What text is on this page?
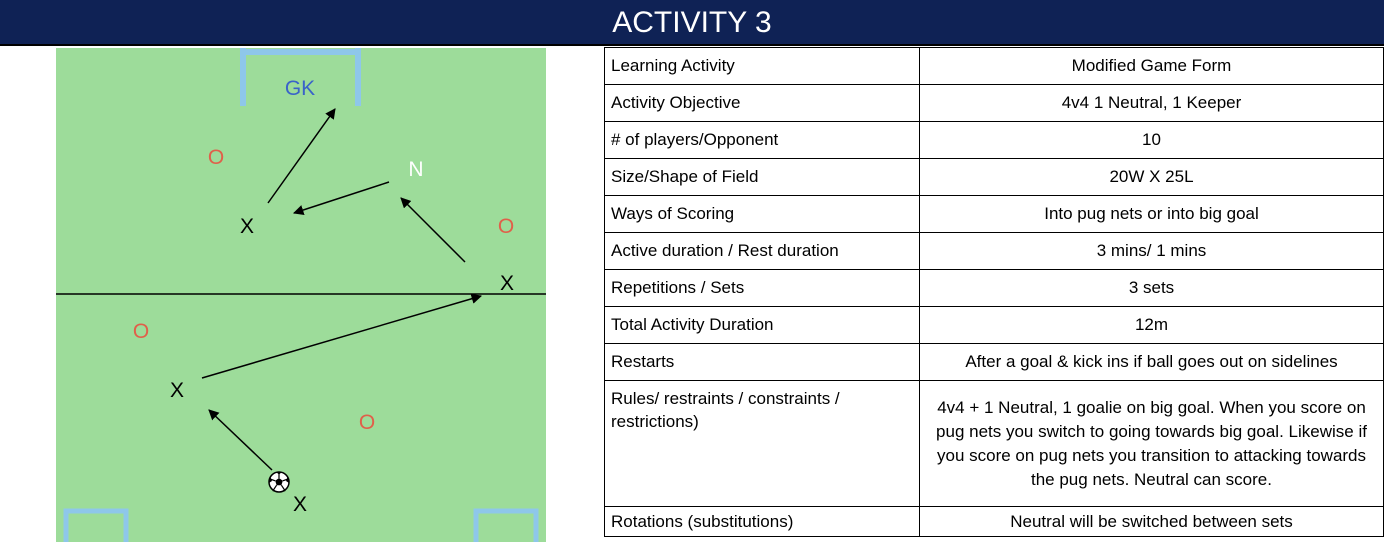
ACTIVITY 3
GK
N
O
O
O
O
X
X
X
X
Learning Activity	Modified Game Form
Activity Objective	4v4 1 Neutral, 1 Keeper
# of players/Opponent	10
Size/Shape of Field	20W X 25L
Ways of Scoring	Into pug nets or into big goal
Active duration / Rest duration	3 mins/ 1 mins
Repetitions / Sets	3 sets
Total Activity Duration	12m
Restarts	After a goal & kick ins if ball goes out on sidelines
Rules/ restraints / constraints / restrictions)	4v4 + 1 Neutral, 1 goalie on big goal. When you score on pug nets you switch to going towards big goal. Likewise if you score on pug nets you transition to attacking towards the pug nets. Neutral can score.
Rotations (substitutions)	Neutral will be switched between sets
